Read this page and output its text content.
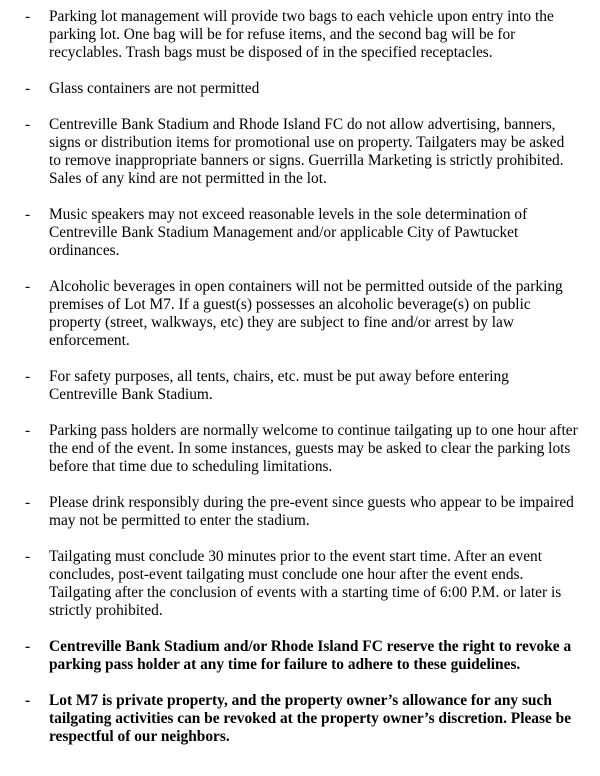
-	Parking lot management will provide two bags to each vehicle upon entry into the parking lot. One bag will be for refuse items, and the second bag will be for recyclables. Trash bags must be disposed of in the specified receptacles.
-	Glass containers are not permitted
-	Centreville Bank Stadium and Rhode Island FC do not allow advertising, banners, signs or distribution items for promotional use on property. Tailgaters may be asked to remove inappropriate banners or signs. Guerrilla Marketing is strictly prohibited. Sales of any kind are not permitted in the lot.
-	Music speakers may not exceed reasonable levels in the sole determination of Centreville Bank Stadium Management and/or applicable City of Pawtucket ordinances.
-	Alcoholic beverages in open containers will not be permitted outside of the parking premises of Lot M7. If a guest(s) possesses an alcoholic beverage(s) on public property (street, walkways, etc) they are subject to fine and/or arrest by law enforcement.
-	For safety purposes, all tents, chairs, etc. must be put away before entering Centreville Bank Stadium.
-	Parking pass holders are normally welcome to continue tailgating up to one hour after the end of the event. In some instances, guests may be asked to clear the parking lots before that time due to scheduling limitations.
-	Please drink responsibly during the pre-event since guests who appear to be impaired may not be permitted to enter the stadium.
-	Tailgating must conclude 30 minutes prior to the event start time. After an event concludes, post-event tailgating must conclude one hour after the event ends. Tailgating after the conclusion of events with a starting time of 6:00 P.M. or later is strictly prohibited.
-	Centreville Bank Stadium and/or Rhode Island FC reserve the right to revoke a parking pass holder at any time for failure to adhere to these guidelines.
-	Lot M7 is private property, and the property owner’s allowance for any such tailgating activities can be revoked at the property owner’s discretion. Please be respectful of our neighbors.
